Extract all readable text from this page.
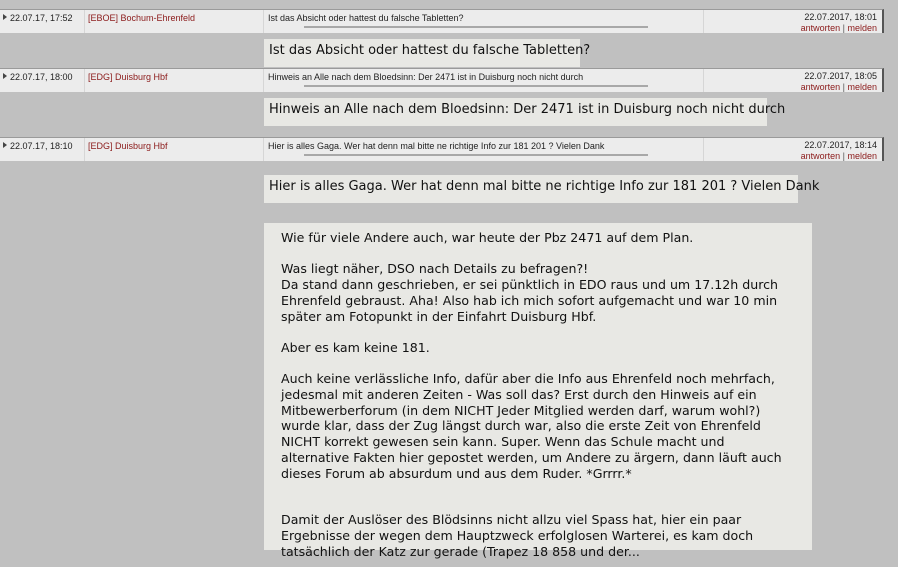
22.07.17, 17:52	[EBOE] Bochum-Ehrenfeld	Ist das Absicht oder hattest du falsche Tabletten?	22.07.2017, 18:01
antworten | melden
Ist das Absicht oder hattest du falsche Tabletten?
22.07.17, 18:00	[EDG] Duisburg Hbf	Hinweis an Alle nach dem Bloedsinn: Der 2471 ist in Duisburg noch nicht durch	22.07.2017, 18:05
antworten | melden
Hinweis an Alle nach dem Bloedsinn: Der 2471 ist in Duisburg noch nicht durch
22.07.17, 18:10	[EDG] Duisburg Hbf	Hier is alles Gaga. Wer hat denn mal bitte ne richtige Info zur 181 201 ? Vielen Dank	22.07.2017, 18:14
antworten | melden
Hier is alles Gaga. Wer hat denn mal bitte ne richtige Info zur 181 201 ? Vielen Dank

Wie für viele Andere auch, war heute der Pbz 2471 auf dem Plan.

Was liegt näher, DSO nach Details zu befragen?!
Da stand dann geschrieben, er sei pünktlich in EDO raus und um 17.12h durch Ehrenfeld gebraust. Aha! Also hab ich mich sofort aufgemacht und war 10 min später am Fotopunkt in der Einfahrt Duisburg Hbf.

Aber es kam keine 181.

Auch keine verlässliche Info, dafür aber die Info aus Ehrenfeld noch mehrfach, jedesmal mit anderen Zeiten - Was soll das? Erst durch den Hinweis auf ein Mitbewerberforum (in dem NICHT Jeder Mitglied werden darf, warum wohl?) wurde klar, dass der Zug längst durch war, also die erste Zeit von Ehrenfeld NICHT korrekt gewesen sein kann. Super. Wenn das Schule macht und alternative Fakten hier gepostet werden, um Andere zu ärgern, dann läuft auch dieses Forum ab absurdum und aus dem Ruder. *Grrrr.*

Damit der Auslöser des Blödsinns nicht allzu viel Spass hat, hier ein paar Ergebnisse der wegen dem Hauptzweck erfolglosen Warterei, es kam doch tatsächlich der Katz zur gerade (Trapez 18 858 und der...
